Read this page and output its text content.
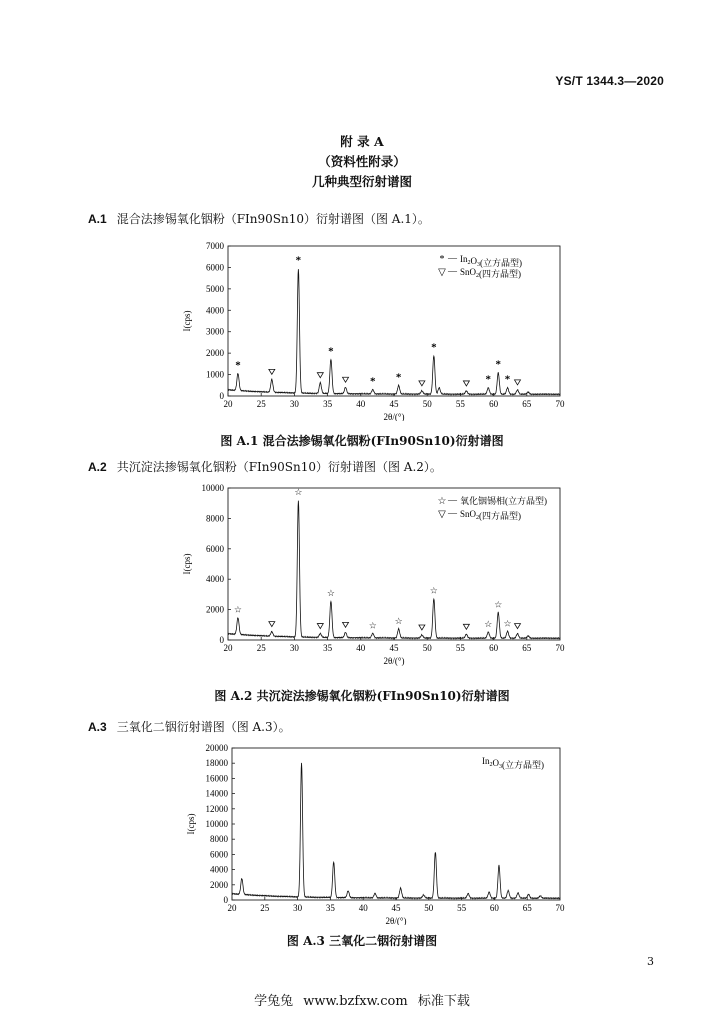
YS/T 1344.3—2020
附 录 A
（资料性附录）
几种典型衍射谱图
A.1 混合法掺锡氧化铟粉（FIn90Sn10）衍射谱图（图 A.1）。
0
1000
2000
3000
4000
5000
6000
7000
20	25	30	35	40	45	50	55	60	65	70
2θ/(°)
I(cps)
*
*
*
* *
*
*
*
*
* — $In_2O_3$(立方晶型)
▽ — SnO$_2$(四方晶型)
图 A.1 混合法掺锡氧化铟粉(FIn90Sn10)衍射谱图
A.2 共沉淀法掺锡氧化铟粉（FIn90Sn10）衍射谱图（图 A.2）。
0
2000
4000
6000
8000
10000
20	25	30	35	40	45	50	55	60	65	70
2θ/(°)
I(cps)
☆
☆
☆
☆ ☆
☆
☆
☆
☆
☆ — 氧化铟锡相(立方晶型)
▽ — SnO$_2$(四方晶型)
图 A.2 共沉淀法掺锡氧化铟粉(FIn90Sn10)衍射谱图
A.3 三氧化二铟衍射谱图（图 A.3）。
0
2000
4000
6000
8000
10000
12000
14000
16000
18000
20000
20	25	30	35	40	45	50	55	60	65	70
2θ/(°)
I(cps)
$In_2O_3$(立方晶型)
图 A.3 三氧化二铟衍射谱图
3
学兔兔 www.bzfxw.com 标准下载
